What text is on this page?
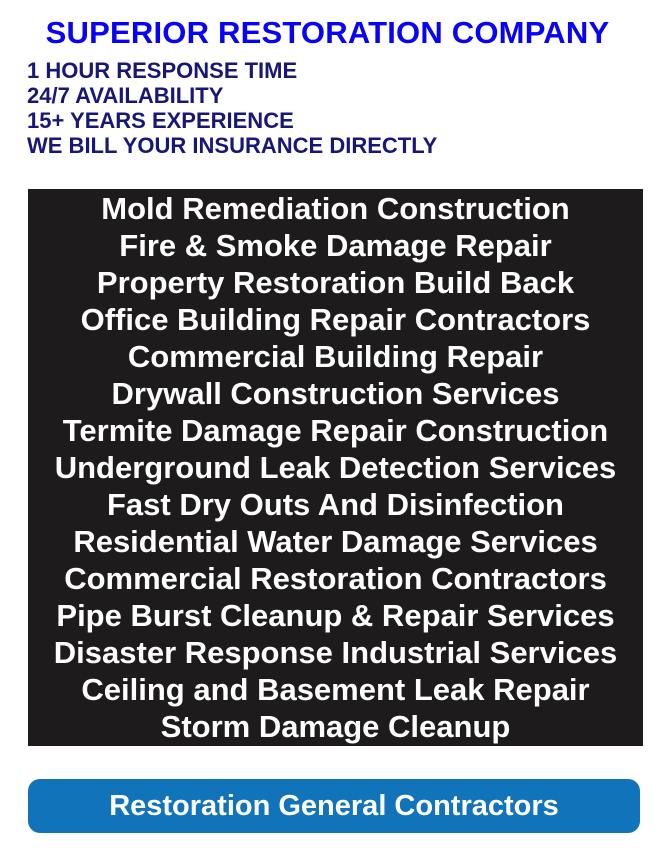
SUPERIOR RESTORATION COMPANY
1 HOUR RESPONSE TIME
24/7 AVAILABILITY
15+ YEARS EXPERIENCE
WE BILL YOUR INSURANCE DIRECTLY
Mold Remediation Construction
Fire & Smoke Damage Repair
Property Restoration Build Back
Office Building Repair Contractors
Commercial Building Repair
Drywall Construction Services
Termite Damage Repair Construction
Underground Leak Detection Services
Fast Dry Outs And Disinfection
Residential Water Damage Services
Commercial Restoration Contractors
Pipe Burst Cleanup & Repair Services
Disaster Response Industrial Services
Ceiling and Basement Leak Repair
Storm Damage Cleanup
Restoration General Contractors
